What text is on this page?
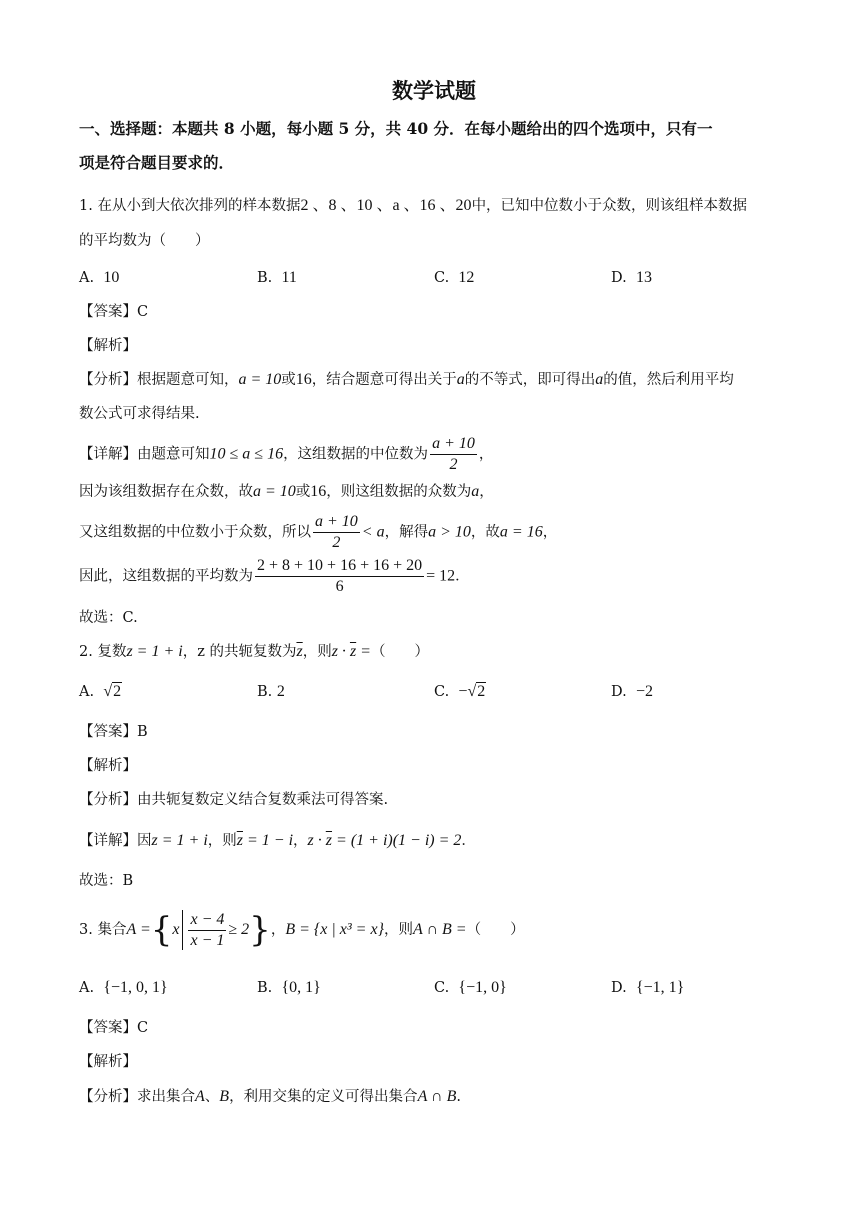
数学试题
一、选择题：本题共 8 小题，每小题 5 分，共 40 分．在每小题给出的四个选项中，只有一
项是符合题目要求的．
1. 在从小到大依次排列的样本数据2 、8 、10 、a 、16 、20中，已知中位数小于众数，则该组样本数据
的平均数为（　　）
A. 10	B. 11	C. 12	D. 13
【答案】C
【解析】
【分析】根据题意可知，a = 10或16，结合题意可得出关于a的不等式，即可得出a的值，然后利用平均
数公式可求得结果.
【详解】由题意可知10 ≤ a ≤ 16，这组数据的中位数为 $\frac{a + 10}{2}$ ，
因为该组数据存在众数，故a = 10或16，则这组数据的众数为a，
又这组数据的中位数小于众数，所以 $\frac{a + 10}{2} < a$，解得a > 10，故a = 16，
因此，这组数据的平均数为 $\frac{2 + 8 + 10 + 16 + 16 + 20}{6} = 12$．
故选：C.
2. 复数z = 1 + i，z 的共轭复数为$\overline{z}$，则$z \cdot \overline{z}$ =（　　）
A. √2	B. 2	C. −√2	D. −2
【答案】B
【解析】
【分析】由共轭复数定义结合复数乘法可得答案.
【详解】因z = 1 + i，则$\overline{z} = 1 - i$，$z \cdot \overline{z} = (1 + i)(1 - i) = 2$．
故选：B
3. 集合$A =\{x \frac{x - 4}{x - 1} \ge 2\}$，B = {x | x³ = x}，则A ∩ B =（　　）
A. {−1, 0, 1}	B. {0, 1}	C. {−1, 0}	D. {−1, 1}
【答案】C
【解析】
【分析】求出集合A、B，利用交集的定义可得出集合A ∩ B.
